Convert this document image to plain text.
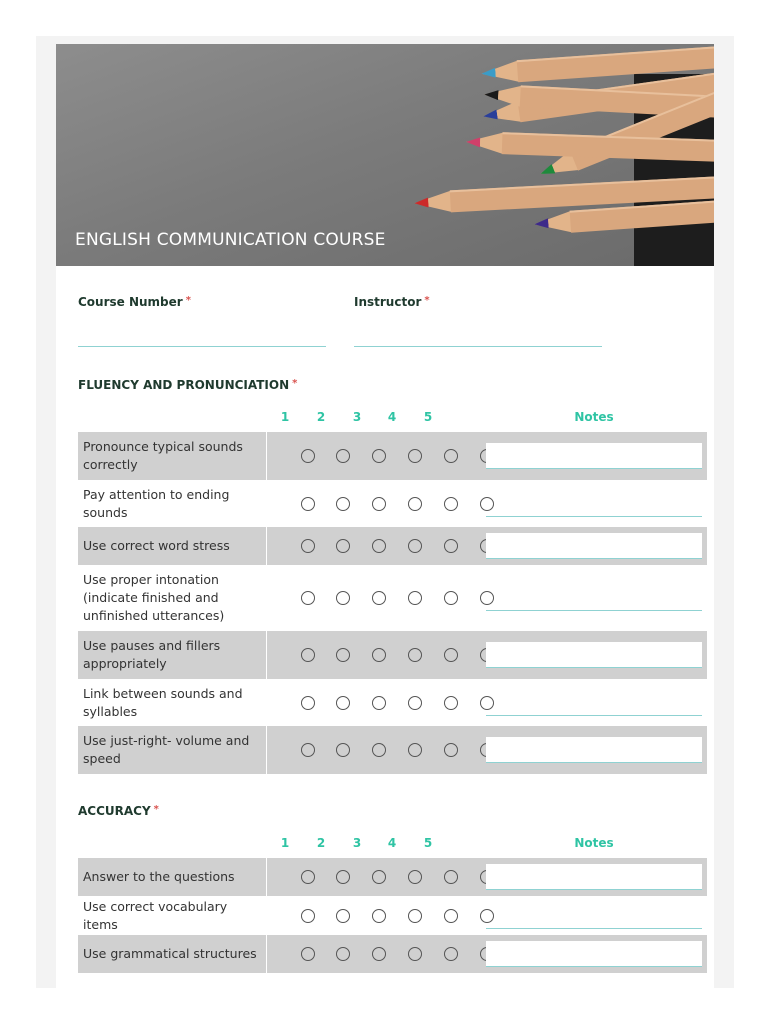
ENGLISH COMMUNICATION COURSE
Course Number *	Instructor *
FLUENCY AND PRONUNCIATION *
1	2	3	4	5	Notes
Pronounce typical sounds correctly
Pay attention to ending sounds
Use correct word stress
Use proper intonation (indicate finished and unfinished utterances)
Use pauses and fillers appropriately
Link between sounds and syllables
Use just-right- volume and speed
ACCURACY *
1	2	3	4	5	Notes
Answer to the questions
Use correct vocabulary items
Use grammatical structures
